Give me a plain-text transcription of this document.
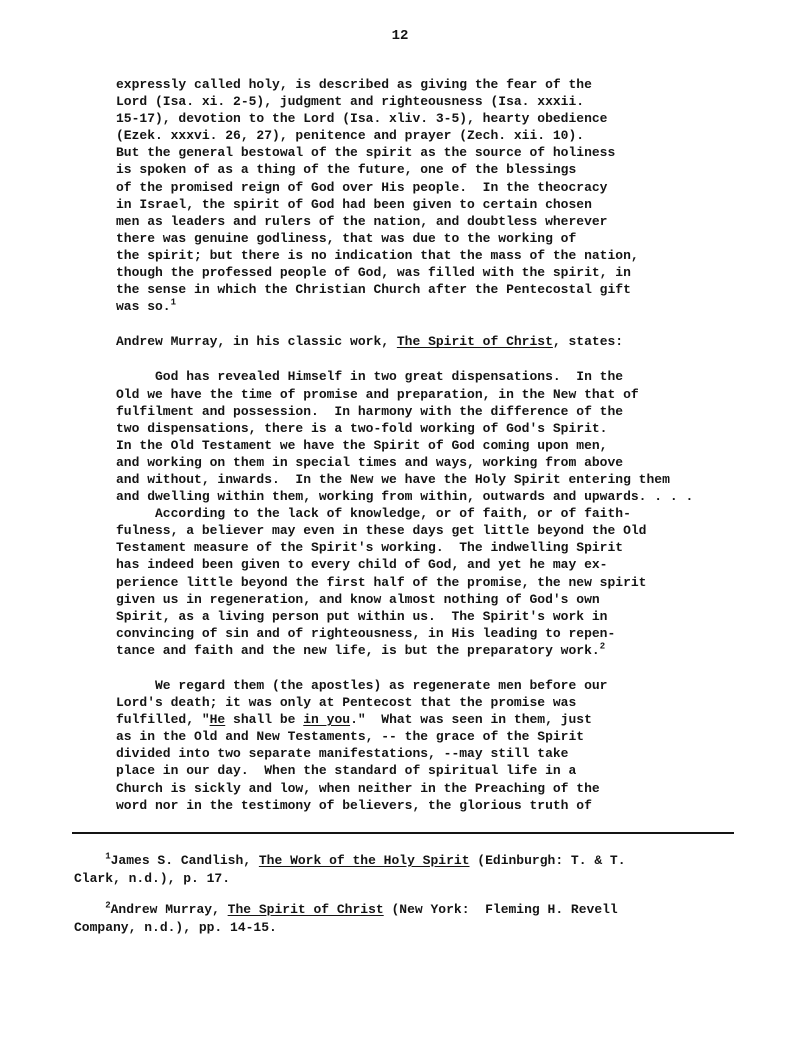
12
expressly called holy, is described as giving the fear of the
Lord (Isa. xi. 2-5), judgment and righteousness (Isa. xxxii.
15-17), devotion to the Lord (Isa. xliv. 3-5), hearty obedience
(Ezek. xxxvi. 26, 27), penitence and prayer (Zech. xii. 10).
But the general bestowal of the spirit as the source of holiness
is spoken of as a thing of the future, one of the blessings
of the promised reign of God over His people.  In the theocracy
in Israel, the spirit of God had been given to certain chosen
men as leaders and rulers of the nation, and doubtless wherever
there was genuine godliness, that was due to the working of
the spirit; but there is no indication that the mass of the nation,
though the professed people of God, was filled with the spirit, in
the sense in which the Christian Church after the Pentecostal gift
was so.$^1$
Andrew Murray, in his classic work, The Spirit of Christ, states:
God has revealed Himself in two great dispensations.  In the
Old we have the time of promise and preparation, in the New that of
fulfilment and possession.  In harmony with the difference of the
two dispensations, there is a two-fold working of God's Spirit.
In the Old Testament we have the Spirit of God coming upon men,
and working on them in special times and ways, working from above
and without, inwards.  In the New we have the Holy Spirit entering them
and dwelling within them, working from within, outwards and upwards. . . .
According to the lack of knowledge, or of faith, or of faith-
fulness, a believer may even in these days get little beyond the Old
Testament measure of the Spirit's working.  The indwelling Spirit
has indeed been given to every child of God, and yet he may ex-
perience little beyond the first half of the promise, the new spirit
given us in regeneration, and know almost nothing of God's own
Spirit, as a living person put within us.  The Spirit's work in
convincing of sin and of righteousness, in His leading to repen-
tance and faith and the new life, is but the preparatory work.$^2$
We regard them (the apostles) as regenerate men before our
Lord's death; it was only at Pentecost that the promise was
fulfilled, "He shall be in you."  What was seen in them, just
as in the Old and New Testaments, -- the grace of the Spirit
divided into two separate manifestations, --may still take
place in our day.  When the standard of spiritual life in a
Church is sickly and low, when neither in the Preaching of the
word nor in the testimony of believers, the glorious truth of
$^1$James S. Candlish, The Work of the Holy Spirit (Edinburgh: T. & T.
Clark, n.d.), p. 17.
$^2$Andrew Murray, The Spirit of Christ (New York:  Fleming H. Revell
Company, n.d.), pp. 14-15.
